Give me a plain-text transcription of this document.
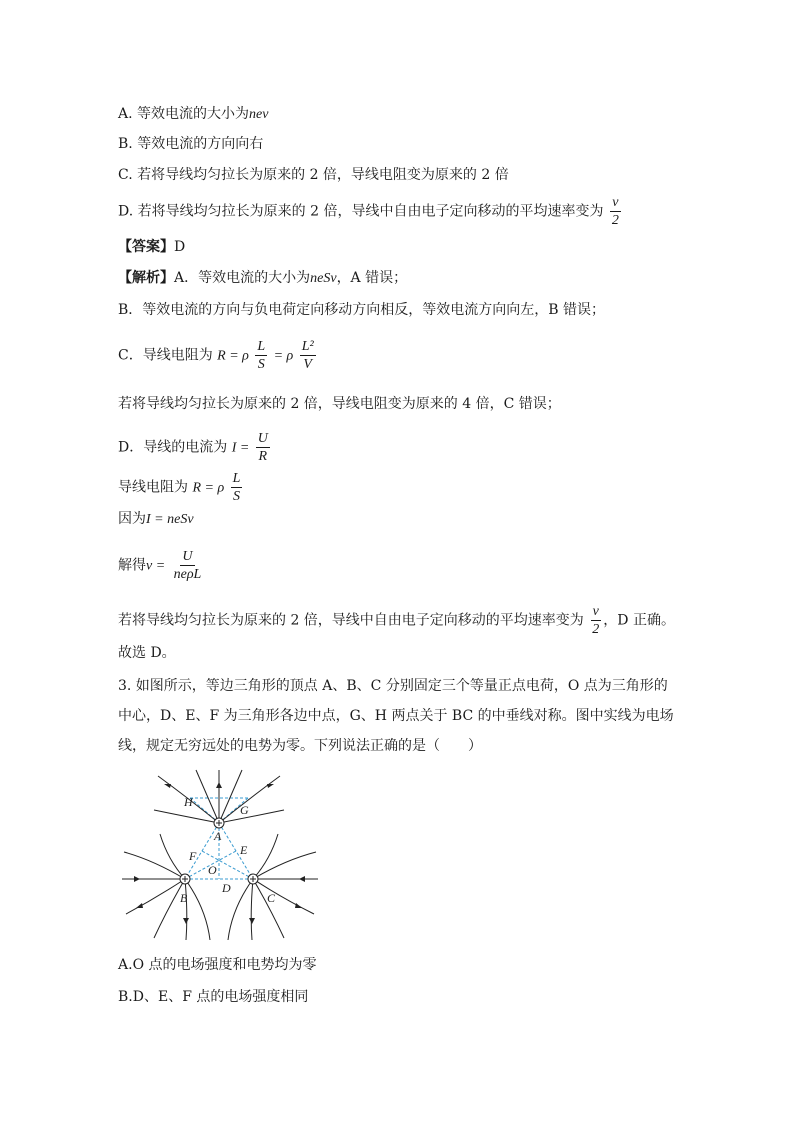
A. 等效电流的大小为nev
B. 等效电流的方向向右
C. 若将导线均匀拉长为原来的 2 倍，导线电阻变为原来的 2 倍
D. 若将导线均匀拉长为原来的 2 倍，导线中自由电子定向移动的平均速率变为 $\frac{v}{2}$
【答案】D
【解析】A．等效电流的大小为neSv，A 错误；
B．等效电流的方向与负电荷定向移动方向相反，等效电流方向向左，B 错误；
C．导线电阻为 R = ρ $\frac{L}{S} = \rho \frac{\text{L²}}{V}$
若将导线均匀拉长为原来的 2 倍，导线电阻变为原来的 4 倍，C 错误；
D．导线的电流为 $I = \frac{U}{R}$
导线电阻为 R = ρ $\frac{L}{S}$
因为I = neSv
解得$v = \frac{U}{\text{neρL}}$
若将导线均匀拉长为原来的 2 倍，导线中自由电子定向移动的平均速率变为 $\frac{v}{2}$ ，D 正确。
故选 D。
3. 如图所示，等边三角形的顶点 A、B、C 分别固定三个等量正点电荷，O 点为三角形的
中心，D、E、F 为三角形各边中点，G、H 两点关于 BC 的中垂线对称。图中实线为电场
线，规定无穷远处的电势为零。下列说法正确的是（　　）
A
B	C
D
E
F
G
H
O
A.O 点的电场强度和电势均为零
B.D、E、F 点的电场强度相同
